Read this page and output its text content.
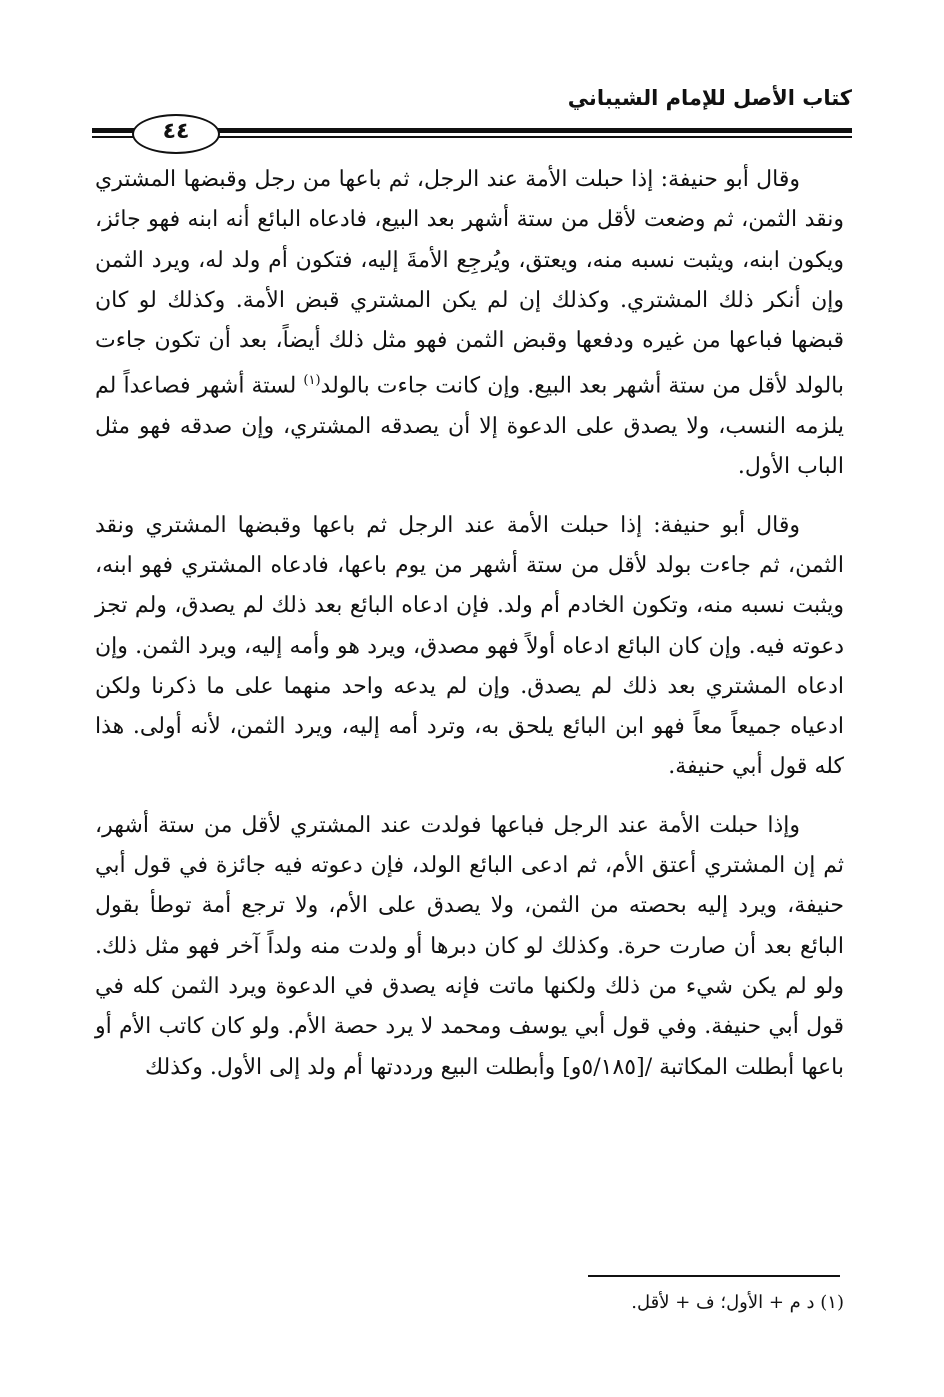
كتاب الأصل للإمام الشيباني
٤٤

وقال أبو حنيفة: إذا حبلت الأمة عند الرجل، ثم باعها من رجل وقبضها المشتري ونقد الثمن، ثم وضعت لأقل من ستة أشهر بعد البيع، فادعاه البائع أنه ابنه فهو جائز، ويكون ابنه، ويثبت نسبه منه، ويعتق، ويُرجِع الأمةَ إليه، فتكون أم ولد له، ويرد الثمن وإن أنكر ذلك المشتري. وكذلك إن لم يكن المشتري قبض الأمة. وكذلك لو كان قبضها فباعها من غيره ودفعها وقبض الثمن فهو مثل ذلك أيضاً، بعد أن تكون جاءت بالولد لأقل من ستة أشهر بعد البيع. وإن كانت جاءت بالولد$^{(١)}$ لستة أشهر فصاعداً لم يلزمه النسب، ولا يصدق على الدعوة إلا أن يصدقه المشتري، وإن صدقه فهو مثل الباب الأول.

وقال أبو حنيفة: إذا حبلت الأمة عند الرجل ثم باعها وقبضها المشتري ونقد الثمن، ثم جاءت بولد لأقل من ستة أشهر من يوم باعها، فادعاه المشتري فهو ابنه، ويثبت نسبه منه، وتكون الخادم أم ولد. فإن ادعاه البائع بعد ذلك لم يصدق، ولم تجز دعوته فيه. وإن كان البائع ادعاه أولاً فهو مصدق، ويرد هو وأمه إليه، ويرد الثمن. وإن ادعاه المشتري بعد ذلك لم يصدق. وإن لم يدعه واحد منهما على ما ذكرنا ولكن ادعياه جميعاً معاً فهو ابن البائع يلحق به، وترد أمه إليه، ويرد الثمن، لأنه أولى. هذا كله قول أبي حنيفة.

وإذا حبلت الأمة عند الرجل فباعها فولدت عند المشتري لأقل من ستة أشهر، ثم إن المشتري أعتق الأم، ثم ادعى البائع الولد، فإن دعوته فيه جائزة في قول أبي حنيفة، ويرد إليه بحصته من الثمن، ولا يصدق على الأم، ولا ترجع أمة توطأ بقول البائع بعد أن صارت حرة. وكذلك لو كان دبرها أو ولدت منه ولداً آخر فهو مثل ذلك. ولو لم يكن شيء من ذلك ولكنها ماتت فإنه يصدق في الدعوة ويرد الثمن كله في قول أبي حنيفة. وفي قول أبي يوسف ومحمد لا يرد حصة الأم. ولو كان كاتب الأم أو باعها أبطلت المكاتبة /[٥/١٨٥و] وأبطلت البيع ورددتها أم ولد إلى الأول. وكذلك

(١) د م + الأول؛ ف + لأقل.
